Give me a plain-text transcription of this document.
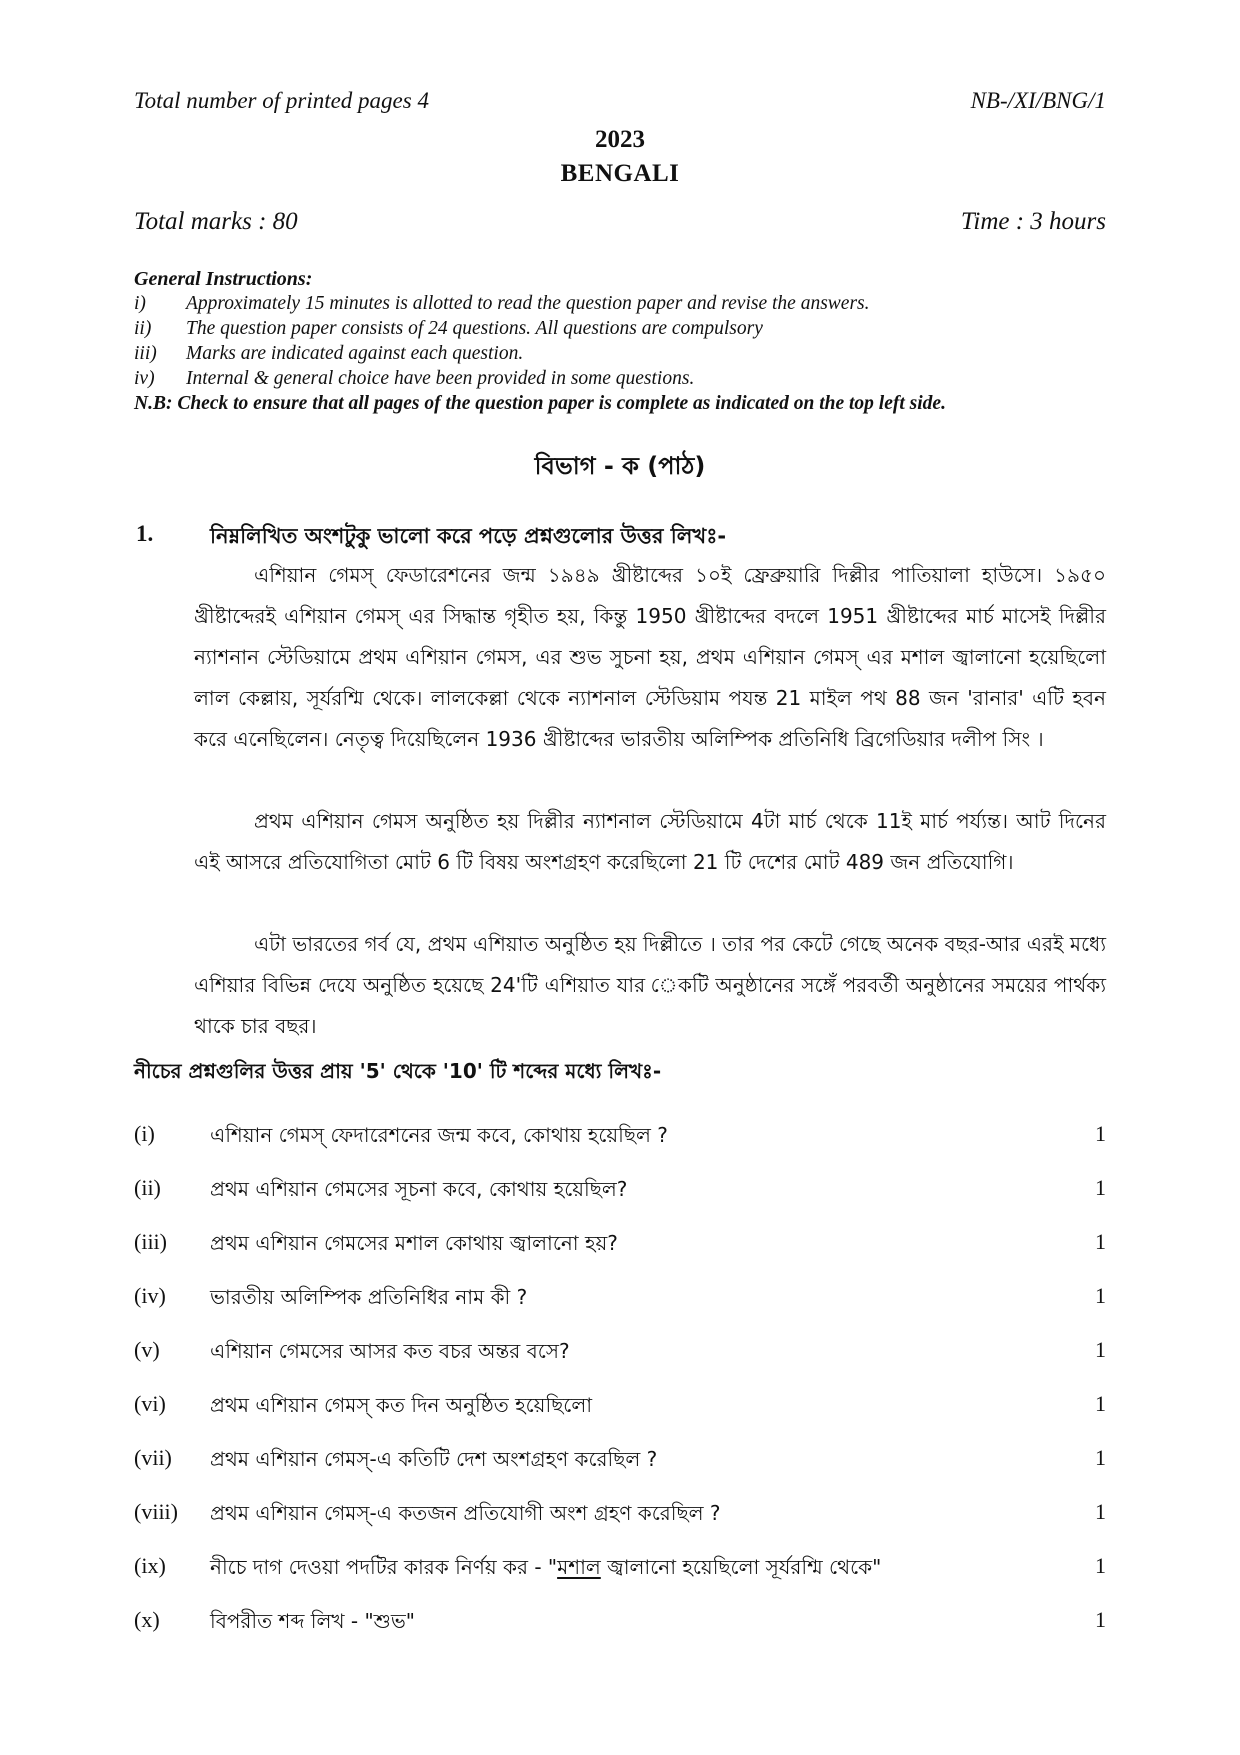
Total number of printed pages 4	NB-/XI/BNG/1
2023
BENGALI
Total marks : 80	Time : 3 hours
General Instructions:
i) Approximately 15 minutes is allotted to read the question paper and revise the answers.
ii) The question paper consists of 24 questions. All questions are compulsory
iii) Marks are indicated against each question.
iv) Internal & general choice have been provided in some questions.
N.B: Check to ensure that all pages of the question paper is complete as indicated on the top left side.
বিভাগ - ক (পাঠ)
1.	নিম্নলিখিত অংশটুকু ভালো করে পড়ে প্রশ্নগুলোর উত্তর লিখঃ-
এশিয়ান গেমস্ ফেডারেশনের জন্ম ১৯৪৯ খ্রীষ্টাব্দের ১০ই ফ্রেব্রুয়ারি দিল্লীর পাতিয়ালা হাউসে। ১৯৫০ খ্রীষ্টাব্দেরই এশিয়ান গেমস্ এর সিদ্ধান্ত গৃহীত হয়, কিন্তু 1950 খ্রীষ্টাব্দের বদলে 1951 খ্রীষ্টাব্দের মার্চ মাসেই দিল্লীর ন্যাশনান স্টেডিয়ামে প্রথম এশিয়ান গেমস, এর শুভ সুচনা হয়, প্রথম এশিয়ান গেমস্ এর মশাল জ্বালানো হয়েছিলো লাল কেল্লায়, সূর্যরশ্মি থেকে। লালকেল্লা থেকে ন্যাশনাল স্টেডিয়াম পযন্ত 21 মাইল পথ 88 জন 'রানার' এটি হবন করে এনেছিলেন। নেতৃত্ব দিয়েছিলেন 1936 খ্রীষ্টাব্দের ভারতীয় অলিম্পিক প্রতিনিধি ব্রিগেডিয়ার দলীপ সিং ।
প্রথম এশিয়ান গেমস অনুষ্ঠিত হয় দিল্লীর ন্যাশনাল স্টেডিয়ামে 4টা মার্চ থেকে 11ই মার্চ পর্য্যন্ত। আট দিনের এই আসরে প্রতিযোগিতা মোট 6 টি বিষয় অংশগ্রহণ করেছিলো 21 টি দেশের মোট 489 জন প্রতিযোগি।
এটা ভারতের গর্ব যে, প্রথম এশিয়াত অনুষ্ঠিত হয় দিল্লীতে । তার পর কেটে গেছে অনেক বছর-আর এরই মধ্যে এশিয়ার বিভিন্ন দেযে অনুষ্ঠিত হয়েছে 24'টি এশিয়াত যার েকটি অনুষ্ঠানের সঙ্গেঁ পরবর্তী অনুষ্ঠানের সময়ের পার্থক্য থাকে চার বছর।
নীচের প্রশ্নগুলির উত্তর প্রায় '5' থেকে '10' টি শব্দের মধ্যে লিখঃ-
(i)	এশিয়ান গেমস্ ফেদারেশনের জন্ম কবে, কোথায় হয়েছিল ?	1
(ii) প্রথম এশিয়ান গেমসের সূচনা কবে, কোথায় হয়েছিল?	1
(iii) প্রথম এশিয়ান গেমসের মশাল কোথায় জ্বালানো হয়?	1
(iv) ভারতীয় অলিম্পিক প্রতিনিধির নাম কী ?	1
(v)	এশিয়ান গেমসের আসর কত বচর অন্তর বসে?	1
(vi) প্রথম এশিয়ান গেমস্ কত দিন অনুষ্ঠিত হয়েছিলো	1
(vii) প্রথম এশিয়ান গেমস্-এ কতিটি দেশ অংশগ্রহণ করেছিল ?	1
(viii) প্রথম এশিয়ান গেমস্-এ কতজন প্রতিযোগী অংশ গ্রহণ করেছিল ?	1
(ix) নীচে দাগ দেওয়া পদটির কারক নির্ণয় কর - "মশাল জ্বালানো হয়েছিলো সূর্যরশ্মি থেকে"	1
(x)	বিপরীত শব্দ লিখ - "শুভ"	1
